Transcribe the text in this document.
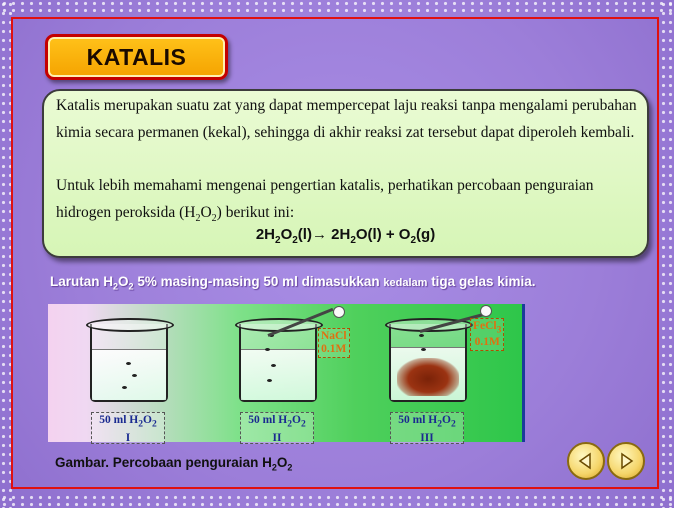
KATALIS
Katalis merupakan suatu zat yang dapat mempercepat laju reaksi tanpa mengalami perubahan kimia secara permanen (kekal), sehingga di akhir reaksi zat tersebut dapat diperoleh kembali.
Untuk lebih memahami mengenai pengertian katalis, perhatikan percobaan penguraian hidrogen peroksida $(H_2O_2)$ berikut ini:
$2H_2O_2(l)\to 2H_2O(l) + O_2(g)$
Larutan $H_2O_2$ 5% masing-masing 50 ml dimasukkan kedalam tiga gelas kimia.
50 ml $H_2O_2$
I
NaCl
0.1M
50 ml $H_2O_2$
II
FeCl$_3$
0.1M
50 ml $H_2O_2$
III
Gambar. Percobaan penguraian $H_2O_2$
